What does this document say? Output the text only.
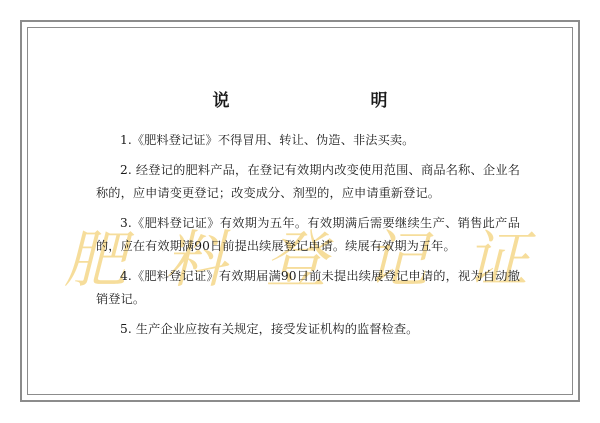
肥 料 登 记 证
说　明

1.《肥料登记证》不得冒用、转让、伪造、非法买卖。

2. 经登记的肥料产品，在登记有效期内改变使用范围、商品名称、企业名称的，应申请变更登记；改变成分、剂型的，应申请重新登记。

3.《肥料登记证》有效期为五年。有效期满后需要继续生产、销售此产品的，应在有效期满90日前提出续展登记申请。续展有效期为五年。

4.《肥料登记证》有效期届满90日前未提出续展登记申请的，视为自动撤销登记。

5. 生产企业应按有关规定，接受发证机构的监督检查。
